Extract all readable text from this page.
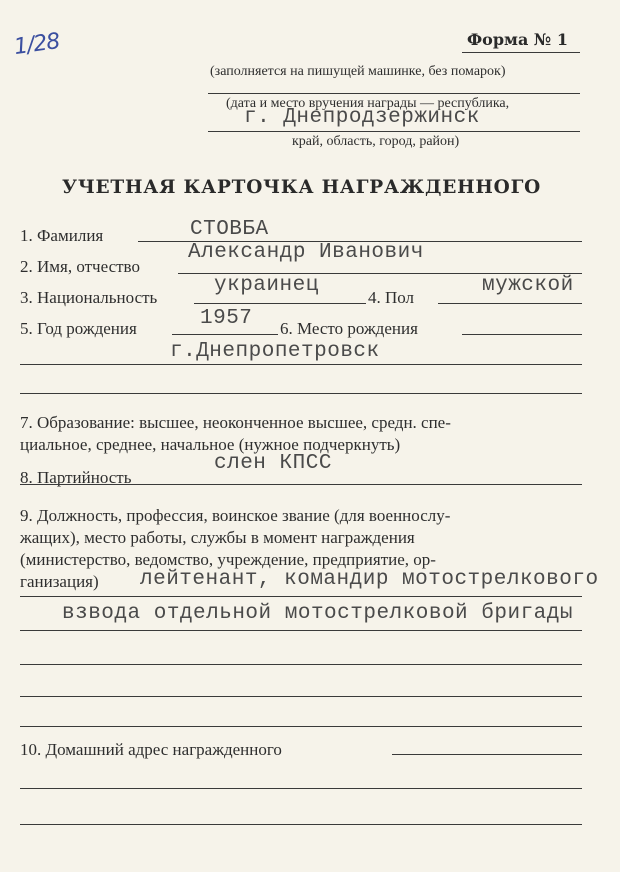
1/28	Форма № 1
(заполняется на пишущей машинке, без помарок)
(дата и место вручения награды — республика,
г. Днепродзержинск
край, область, город, район)
УЧЕТНАЯ КАРТОЧКА НАГРАЖДЕННОГО
1. Фамилия	СТОВБА
2. Имя, отчество
Александр Иванович
3. Национальность
украинец
4. Пол
мужской
5. Год рождения	1957 6. Место рождения
г.Днепропетровск
7. Образование: высшее, неоконченное высшее, средн. спе-
циальное, среднее, начальное (нужное подчеркнуть)
8. Партийность
слен КПСС
9. Должность, профессия, воинское звание (для военнослу-
жащих), место работы, службы в момент награждения
(министерство, ведомство, учреждение, предприятие, ор-
ганизация) лейтенант, командир мотострелкового
взвода отдельной мотострелковой бригады
10. Домашний адрес награжденного
